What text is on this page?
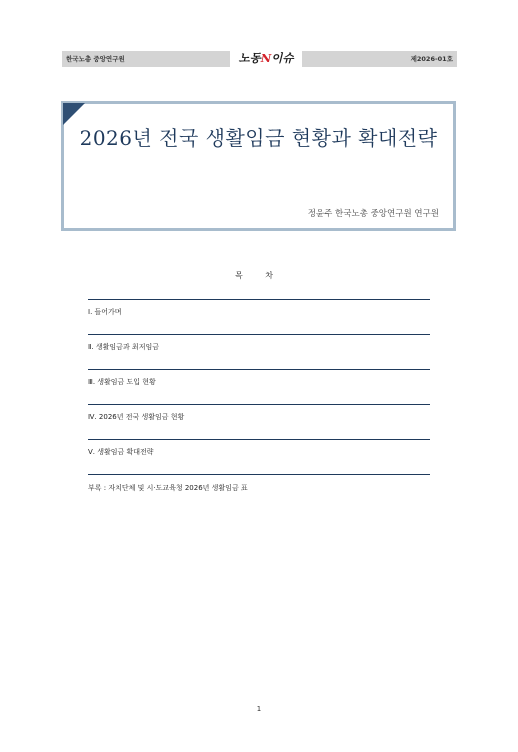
한국노총 중앙연구원	노동N이슈	제2026-01호
2026년 전국 생활임금 현황과 확대전략
정윤주 한국노총 중앙연구원 연구원
목 차
Ⅰ. 들어가며
Ⅱ. 생활임금과 최저임금
Ⅲ. 생활임금 도입 현황
Ⅳ. 2026년 전국 생활임금 현황
Ⅴ. 생활임금 확대전략
부록 : 자치단체 및 시·도교육청 2026년 생활임금 표
1
